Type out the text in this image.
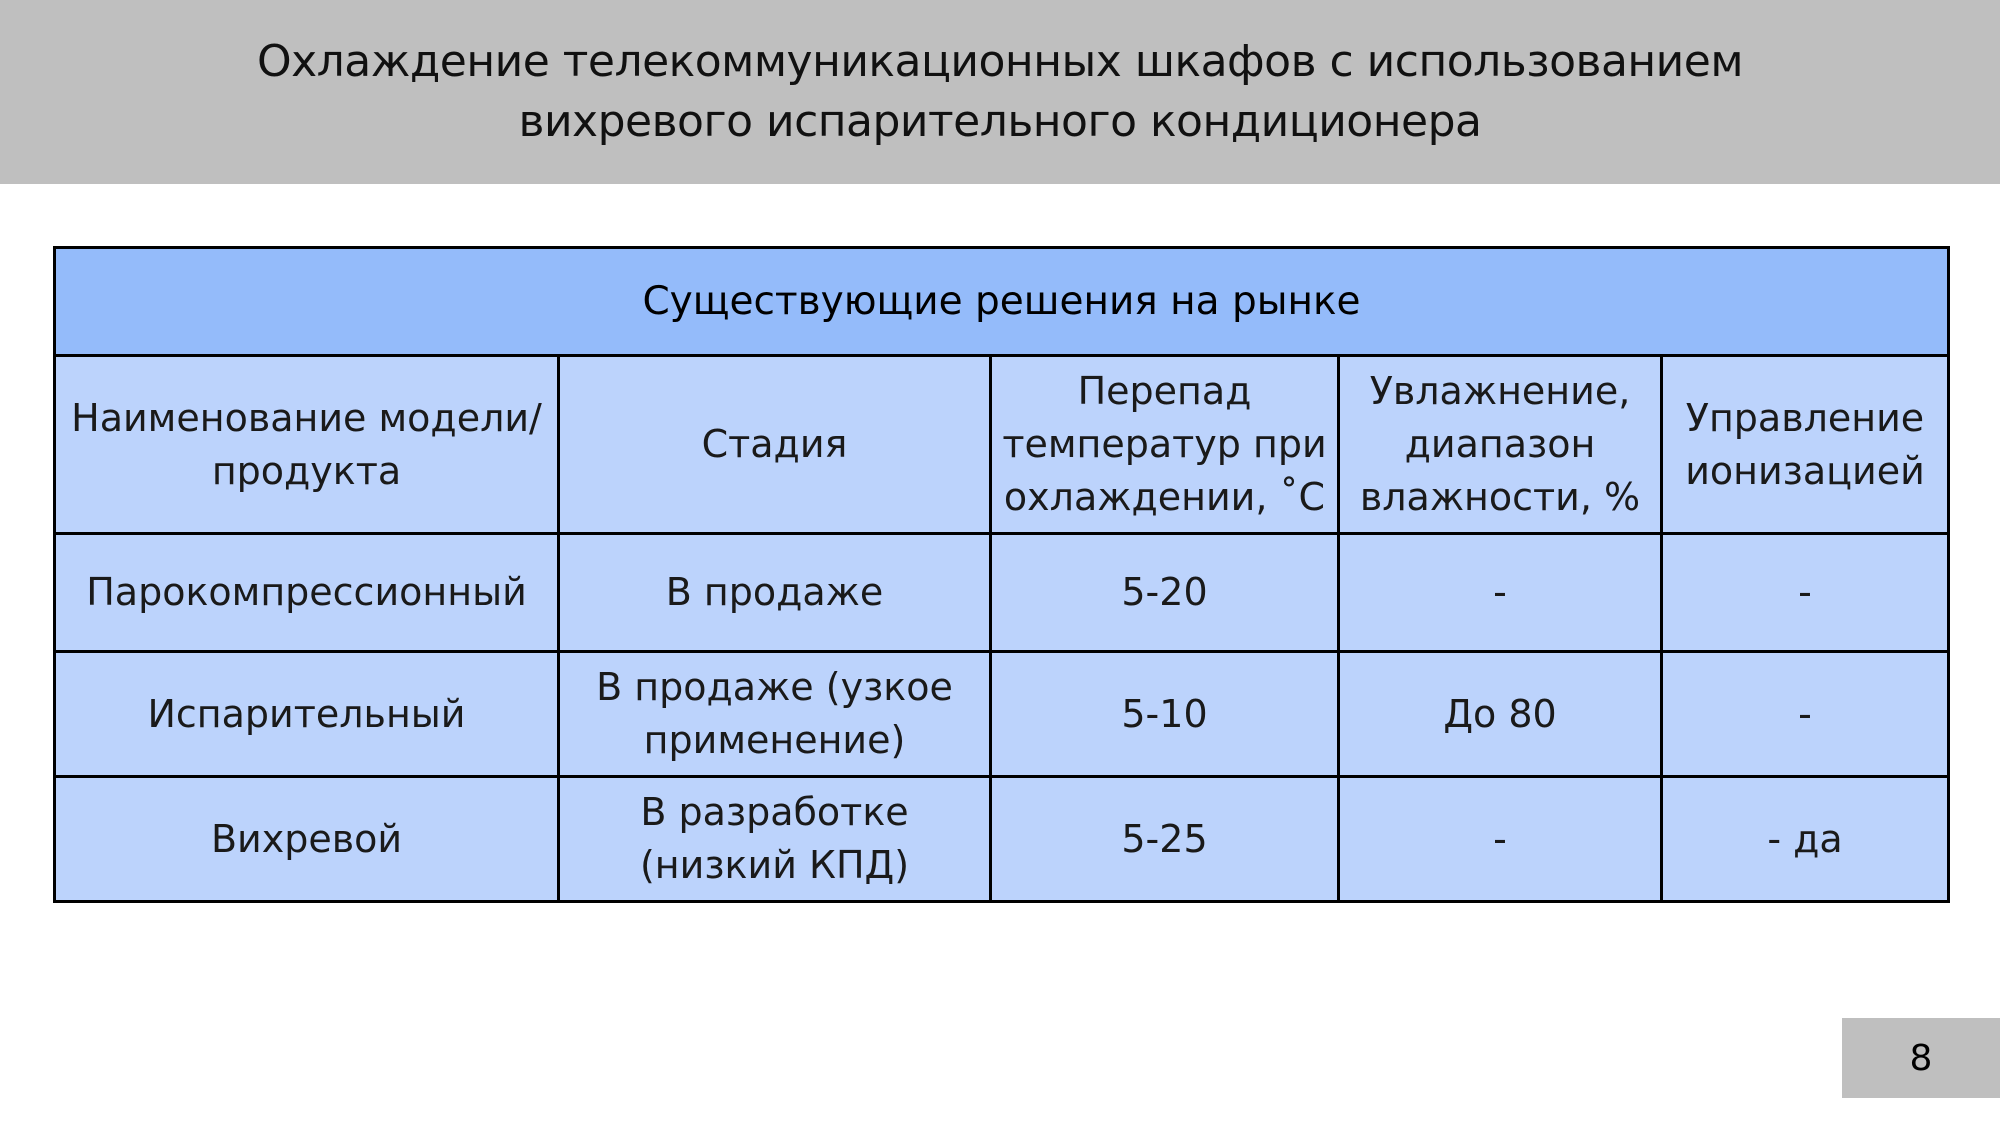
Охлаждение телекоммуникационных шкафов с использованием
вихревого испарительного кондиционера
Существующие решения на рынке				
Наименование модели/ продукта	Стадия	Перепад температур при охлаждении, ˚С	Увлажнение, диапазон влажности, %	Управление ионизацией
Парокомпрессионный	В продаже	5-20	-	-
Испарительный	В продаже (узкое применение)	5-10	До 80	-
Вихревой	В разработке (низкий КПД)	5-25	-	- да
8
